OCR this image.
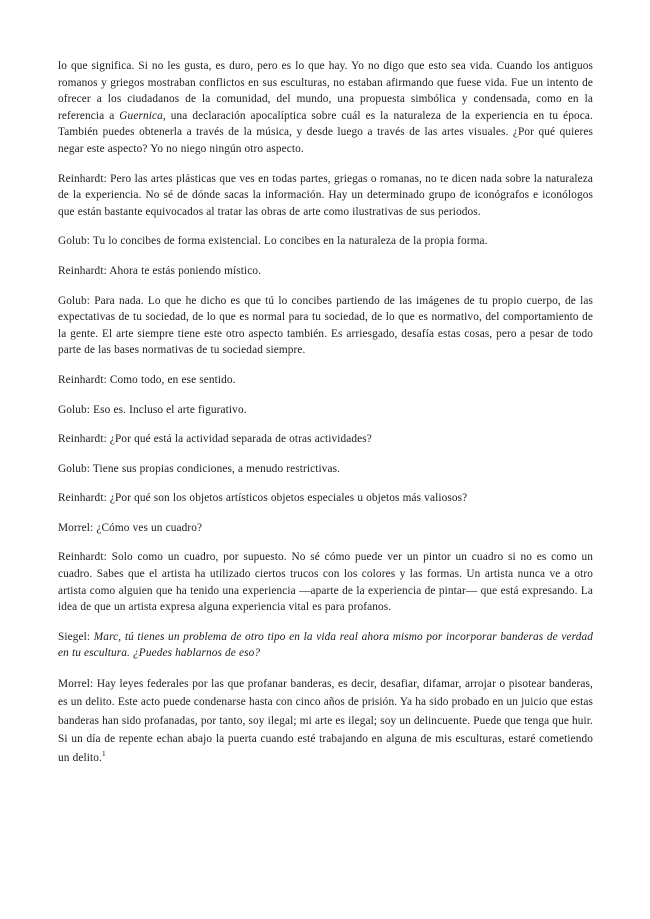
lo que significa. Si no les gusta, es duro, pero es lo que hay. Yo no digo que esto sea vida. Cuando los antiguos romanos y griegos mostraban conflictos en sus esculturas, no estaban afirmando que fuese vida. Fue un intento de ofrecer a los ciudadanos de la comunidad, del mundo, una propuesta simbólica y condensada, como en la referencia a Guernica, una declaración apocalíptica sobre cuál es la naturaleza de la experiencia en tu época. También puedes obtenerla a través de la música, y desde luego a través de las artes visuales. ¿Por qué quieres negar este aspecto? Yo no niego ningún otro aspecto.

Reinhardt: Pero las artes plásticas que ves en todas partes, griegas o romanas, no te dicen nada sobre la naturaleza de la experiencia. No sé de dónde sacas la información. Hay un determinado grupo de iconógrafos e iconólogos que están bastante equivocados al tratar las obras de arte como ilustrativas de sus periodos.

Golub: Tu lo concibes de forma existencial. Lo concibes en la naturaleza de la propia forma.

Reinhardt: Ahora te estás poniendo místico.

Golub: Para nada. Lo que he dicho es que tú lo concibes partiendo de las imágenes de tu propio cuerpo, de las expectativas de tu sociedad, de lo que es normal para tu sociedad, de lo que es normativo, del comportamiento de la gente. El arte siempre tiene este otro aspecto también. Es arriesgado, desafía estas cosas, pero a pesar de todo parte de las bases normativas de tu sociedad siempre.

Reinhardt: Como todo, en ese sentido.

Golub: Eso es. Incluso el arte figurativo.

Reinhardt: ¿Por qué está la actividad separada de otras actividades?

Golub: Tiene sus propias condiciones, a menudo restrictivas.

Reinhardt: ¿Por qué son los objetos artísticos objetos especiales u objetos más valiosos?

Morrel: ¿Cómo ves un cuadro?

Reinhardt: Solo como un cuadro, por supuesto. No sé cómo puede ver un pintor un cuadro si no es como un cuadro. Sabes que el artista ha utilizado ciertos trucos con los colores y las formas. Un artista nunca ve a otro artista como alguien que ha tenido una experiencia —aparte de la experiencia de pintar— que está expresando. La idea de que un artista expresa alguna experiencia vital es para profanos.

Siegel: Marc, tú tienes un problema de otro tipo en la vida real ahora mismo por incorporar banderas de verdad en tu escultura. ¿Puedes hablarnos de eso?

Morrel: Hay leyes federales por las que profanar banderas, es decir, desafiar, difamar, arrojar o pisotear banderas, es un delito. Este acto puede condenarse hasta con cinco años de prisión. Ya ha sido probado en un juicio que estas banderas han sido profanadas, por tanto, soy ilegal; mi arte es ilegal; soy un delincuente. Puede que tenga que huir. Si un día de repente echan abajo la puerta cuando esté trabajando en alguna de mis esculturas, estaré cometiendo un delito.$^1$
